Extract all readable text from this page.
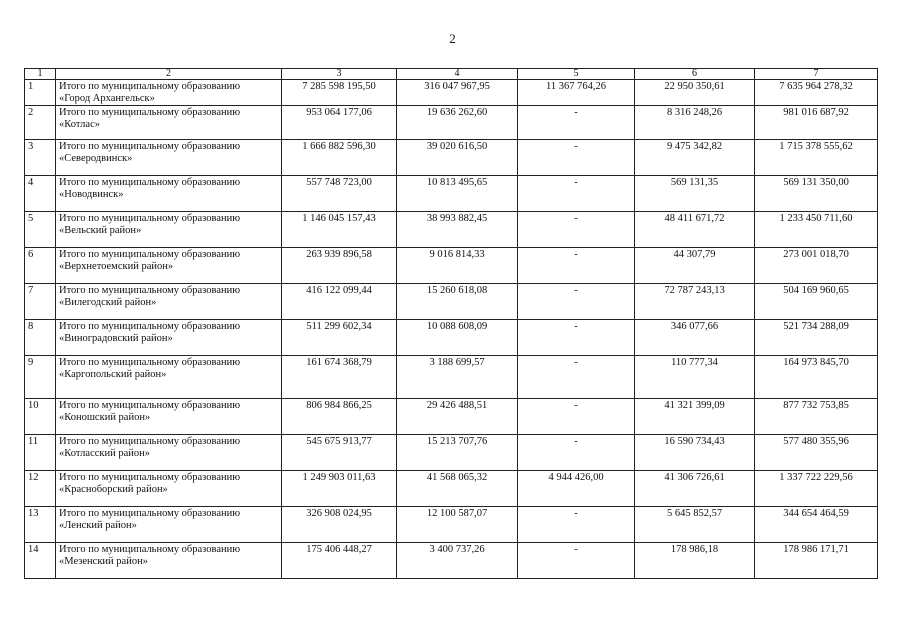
2
1	2	3	4	5	6	7
1	Итого по муниципальному образованию
«Город Архангельск»	7 285 598 195,50	316 047 967,95	11 367 764,26	22 950 350,61	7 635 964 278,32
2	Итого по муниципальному образованию
«Котлас»	953 064 177,06	19 636 262,60	-	8 316 248,26	981 016 687,92
3	Итого по муниципальному образованию
«Северодвинск»	1 666 882 596,30	39 020 616,50	-	9 475 342,82	1 715 378 555,62
4	Итого по муниципальному образованию
«Новодвинск»	557 748 723,00	10 813 495,65	-	569 131,35	569 131 350,00
5	Итого по муниципальному образованию
«Вельский район»	1 146 045 157,43	38 993 882,45	-	48 411 671,72	1 233 450 711,60
6	Итого по муниципальному образованию
«Верхнетоемский район»	263 939 896,58	9 016 814,33	-	44 307,79	273 001 018,70
7	Итого по муниципальному образованию
«Вилегодский район»	416 122 099,44	15 260 618,08	-	72 787 243,13	504 169 960,65
8	Итого по муниципальному образованию
«Виноградовский район»	511 299 602,34	10 088 608,09	-	346 077,66	521 734 288,09
9	Итого по муниципальному образованию
«Каргопольский район»	161 674 368,79	3 188 699,57	-	110 777,34	164 973 845,70
10	Итого по муниципальному образованию
«Коношский район»	806 984 866,25	29 426 488,51	-	41 321 399,09	877 732 753,85
11	Итого по муниципальному образованию
«Котласский район»	545 675 913,77	15 213 707,76	-	16 590 734,43	577 480 355,96
12	Итого по муниципальному образованию
«Красноборский район»	1 249 903 011,63	41 568 065,32	4 944 426,00	41 306 726,61	1 337 722 229,56
13	Итого по муниципальному образованию
«Ленский район»	326 908 024,95	12 100 587,07	-	5 645 852,57	344 654 464,59
14	Итого по муниципальному образованию
«Мезенский район»	175 406 448,27	3 400 737,26	-	178 986,18	178 986 171,71
